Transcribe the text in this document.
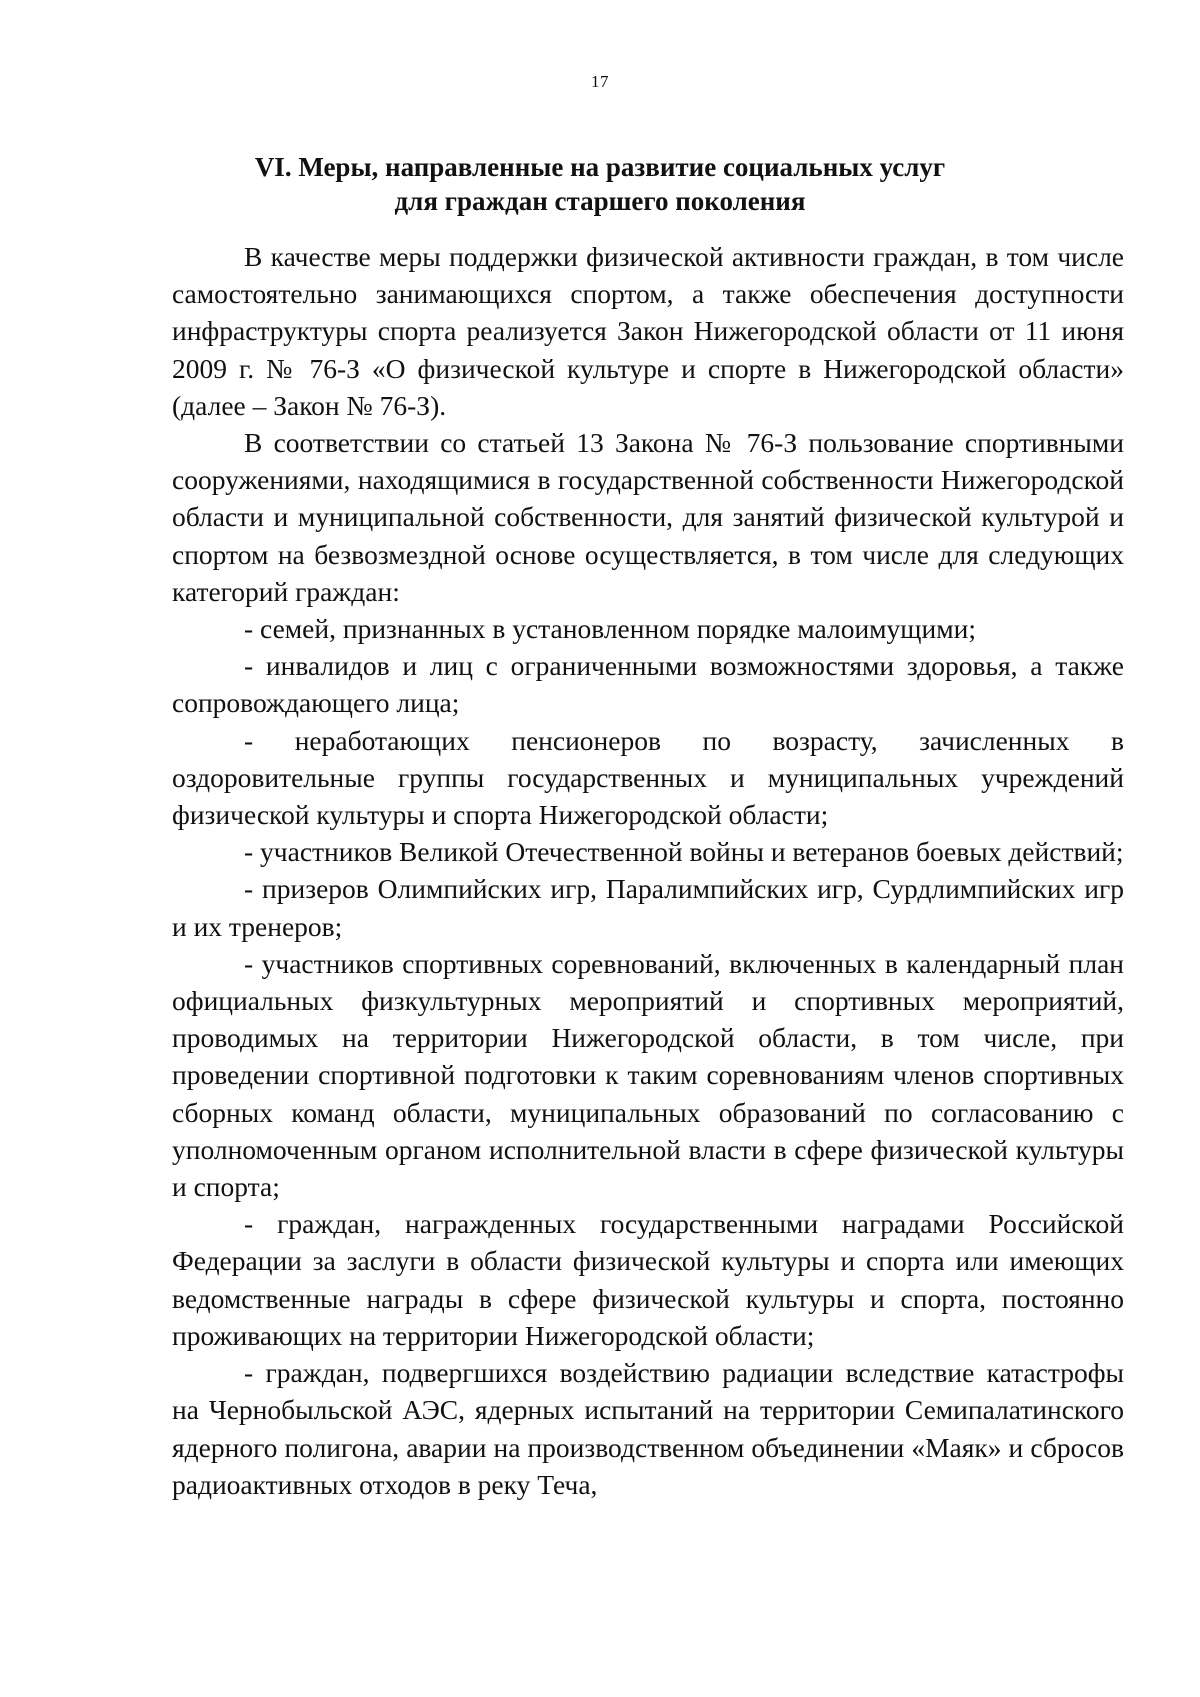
17
VI. Меры, направленные на развитие социальных услуг
для граждан старшего поколения

В качестве меры поддержки физической активности граждан, в том числе самостоятельно занимающихся спортом, а также обеспечения доступности инфраструктуры спорта реализуется Закон Нижегородской области от 11 июня 2009 г. № 76-З «О физической культуре и спорте в Нижегородской области» (далее – Закон № 76-З).

В соответствии со статьей 13 Закона № 76-З пользование спортивными сооружениями, находящимися в государственной собственности Нижегородской области и муниципальной собственности, для занятий физической культурой и спортом на безвозмездной основе осуществляется, в том числе для следующих категорий граждан:

- семей, признанных в установленном порядке малоимущими;

- инвалидов и лиц с ограниченными возможностями здоровья, а также сопровождающего лица;

- неработающих пенсионеров по возрасту, зачисленных в оздоровительные группы государственных и муниципальных учреждений физической культуры и спорта Нижегородской области;

- участников Великой Отечественной войны и ветеранов боевых действий;

- призеров Олимпийских игр, Паралимпийских игр, Сурдлимпийских игр и их тренеров;

- участников спортивных соревнований, включенных в календарный план официальных физкультурных мероприятий и спортивных мероприятий, проводимых на территории Нижегородской области, в том числе, при проведении спортивной подготовки к таким соревнованиям членов спортивных сборных команд области, муниципальных образований по согласованию с уполномоченным органом исполнительной власти в сфере физической культуры и спорта;

- граждан, награжденных государственными наградами Российской Федерации за заслуги в области физической культуры и спорта или имеющих ведомственные награды в сфере физической культуры и спорта, постоянно проживающих на территории Нижегородской области;

- граждан, подвергшихся воздействию радиации вследствие катастрофы на Чернобыльской АЭС, ядерных испытаний на территории Семипалатинского ядерного полигона, аварии на производственном объединении «Маяк» и сбросов радиоактивных отходов в реку Теча,
